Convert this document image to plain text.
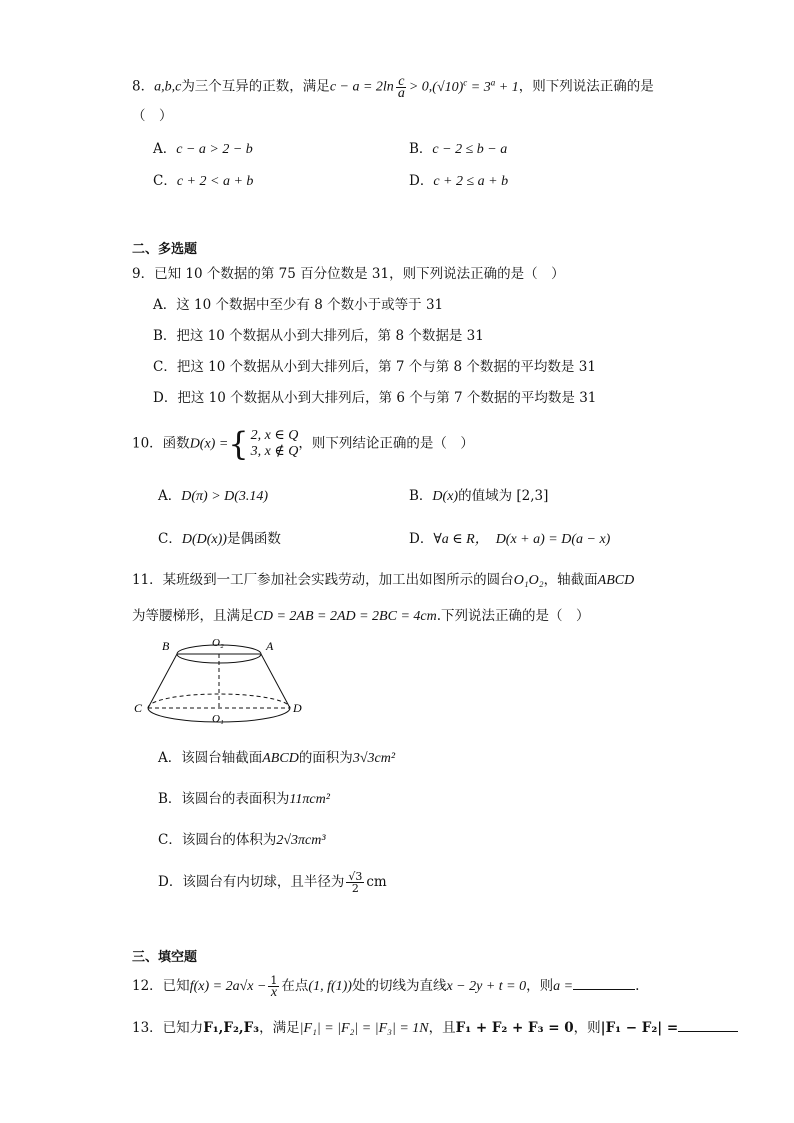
8．a,b,c为三个互异的正数，满足$c - a = 2\ln \frac{c}{a} > 0,(√10)^c = 3^a + 1$，则下列说法正确的是
（　）
A．c − a > 2 − b	B．c − 2 ≤ b − a
C．c + 2 < a + b	D．c + 2 ≤ a + b
二、多选题
9．已知 10 个数据的第 75 百分位数是 31，则下列说法正确的是（　）
A．这 10 个数据中至少有 8 个数小于或等于 31
B．把这 10 个数据从小到大排列后，第 8 个数据是 31
C．把这 10 个数据从小到大排列后，第 7 个与第 8 个数据的平均数是 31
D．把这 10 个数据从小到大排列后，第 6 个与第 7 个数据的平均数是 31
10．函数D(x) = { 2, x ∈ Q
3, x ∉ Q ，则下列结论正确的是（　）
A．D(π) > D(3.14)	B．D(x)的值域为 [2,3]
C．D(D(x))是偶函数	D．∀a ∈ R，　D(x + a) = D(a − x)
11．某班级到一工厂参加社会实践劳动，加工出如图所示的圆台O₁O₂，轴截面ABCD
为等腰梯形，且满足CD = 2AB = 2AD = 2BC = 4cm.下列说法正确的是（　）
B	O₂	A
C
O₁
D
A．该圆台轴截面ABCD的面积为3√3cm²
B．该圆台的表面积为11πcm²
C．该圆台的体积为2√3πcm³
D．该圆台有内切球，且半径为 $\frac{√3}{2}$ cm
三、填空题
12．已知$f(x) = 2a√x - \frac{1}{x}$ 在点(1, f(1))处的切线为直线x − 2y + t = 0，则a =	.
13．已知力F₁,F₂,F₃，满足|F₁| = |F₂| = |F₃| = 1N，且F₁ + F₂ + F₃ = 0，则|F₁ − F₂| =
